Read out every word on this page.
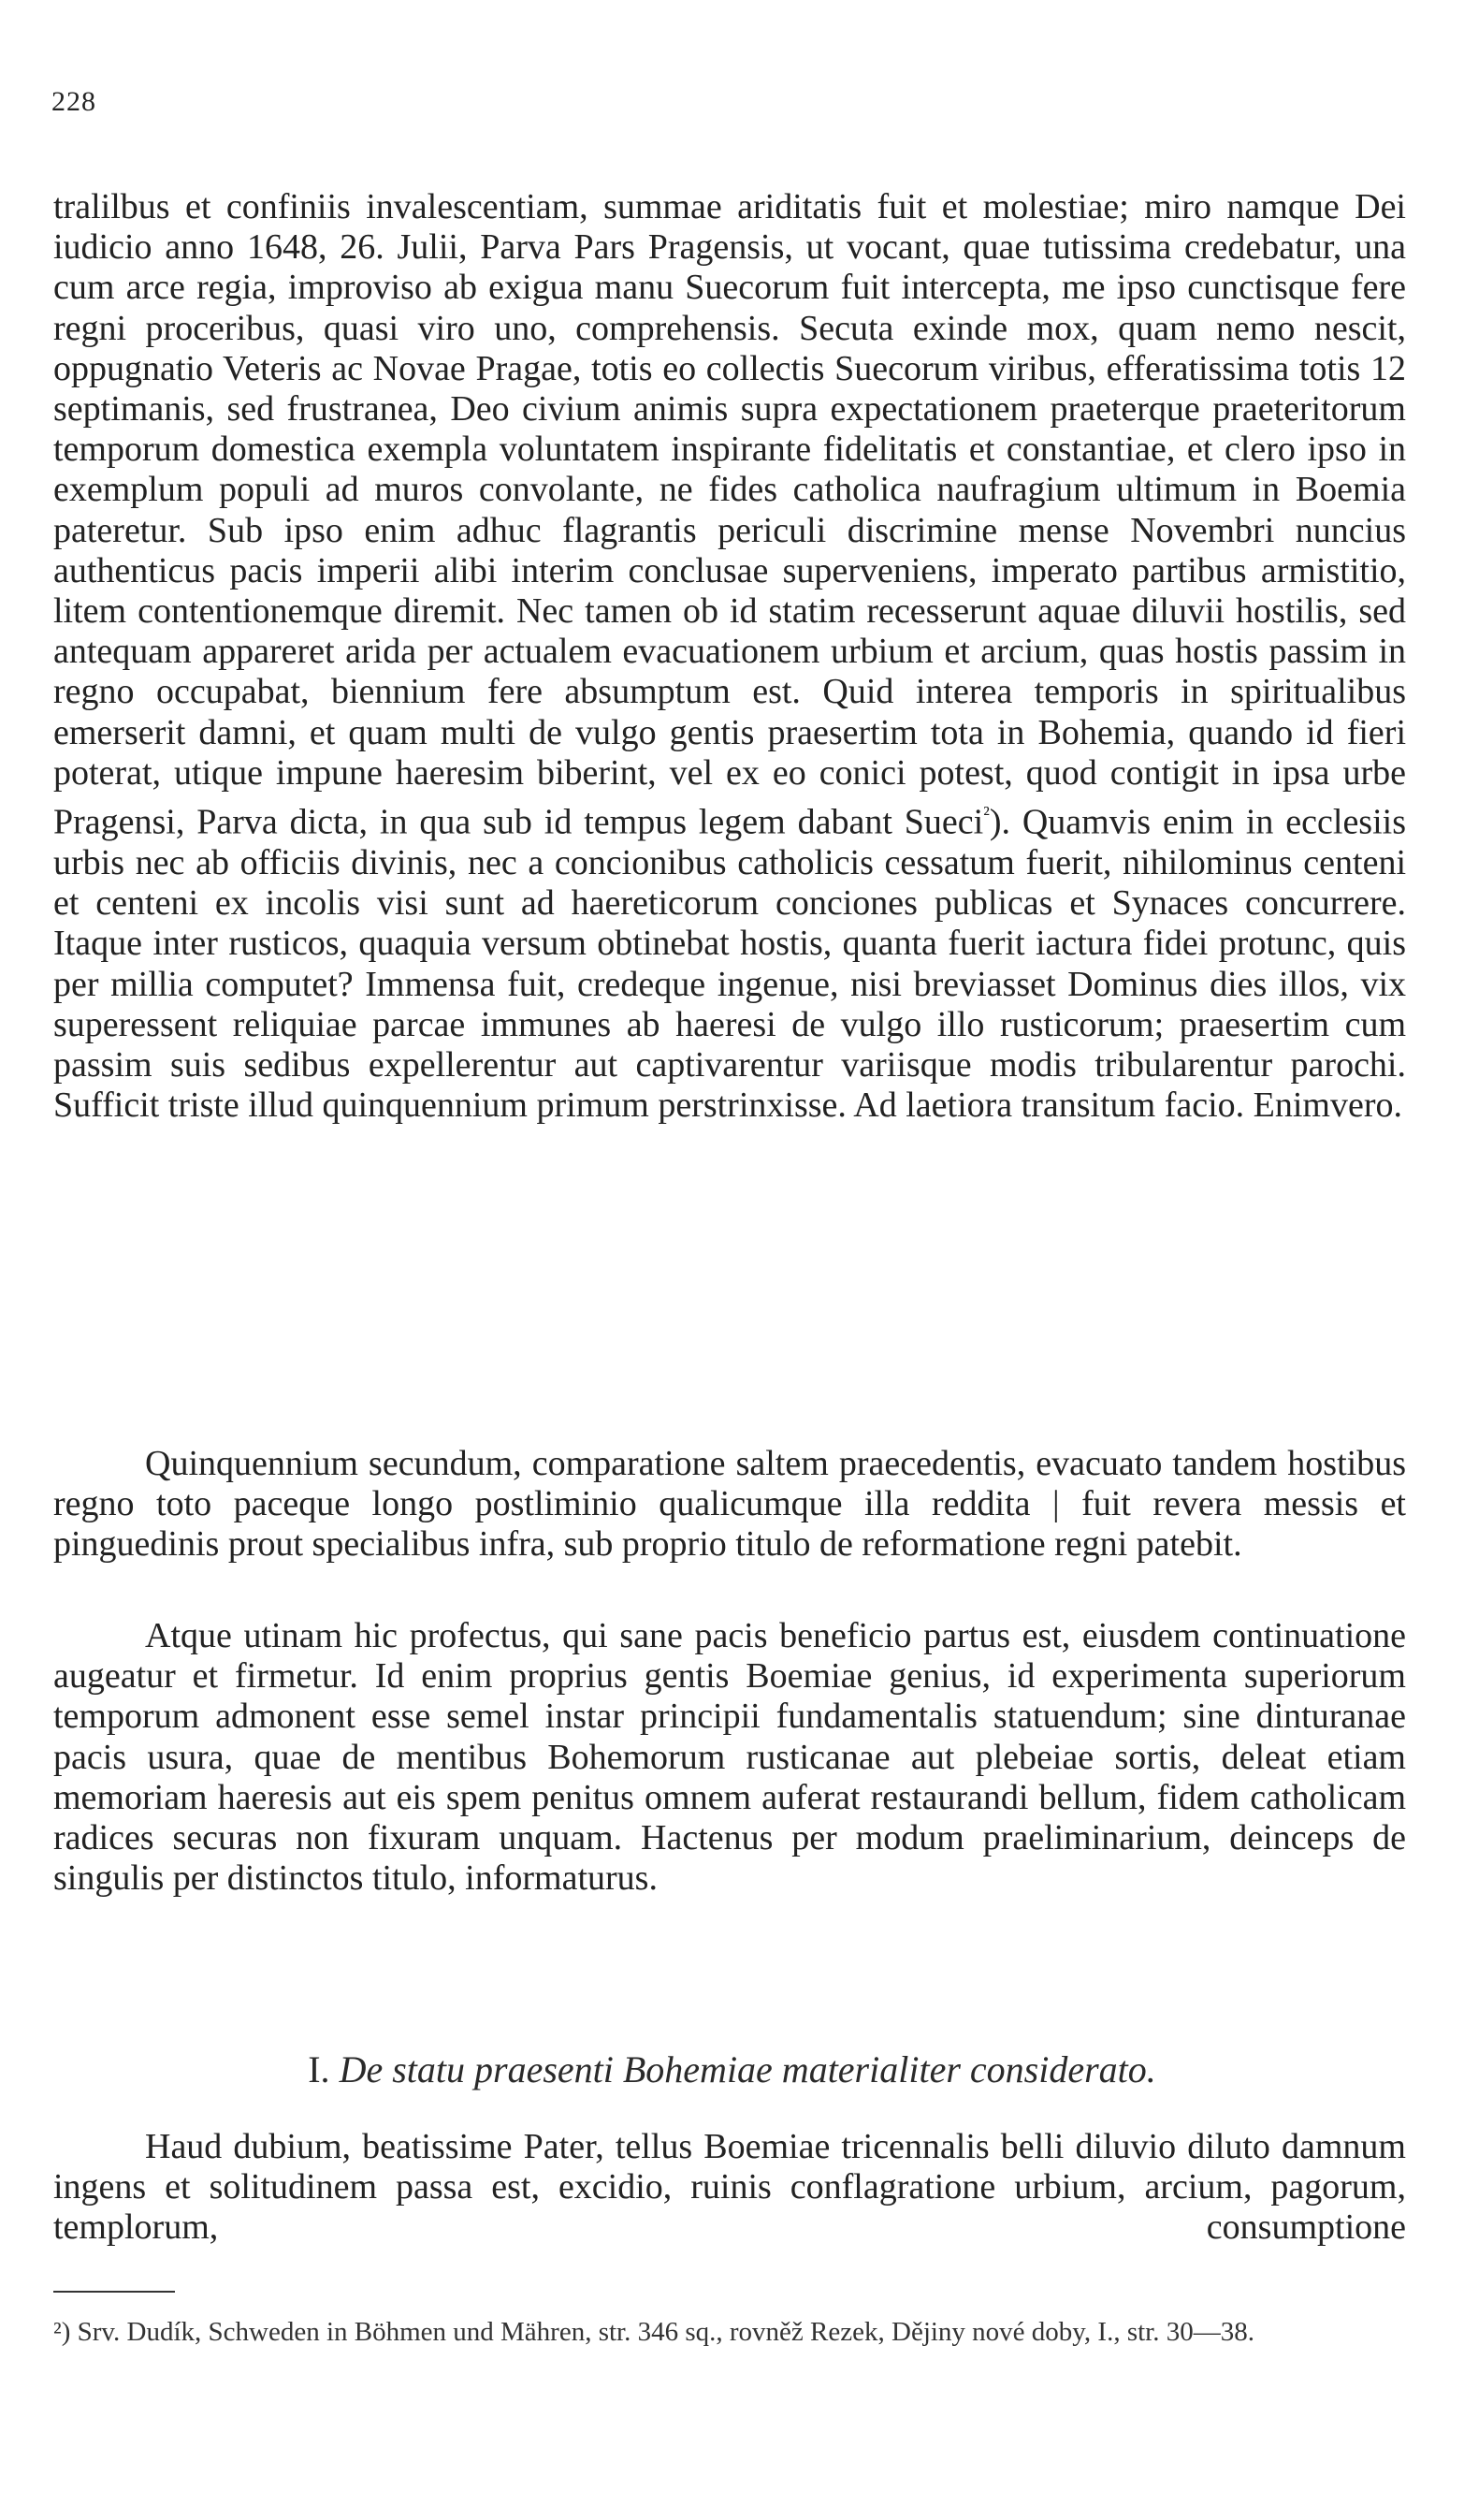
228

tralilbus et confiniis invalescentiam, summae ariditatis fuit et molestiae; miro namque Dei iudicio anno 1648, 26. Julii, Parva Pars Pragensis, ut vocant, quae tutissima credebatur, una cum arce regia, improviso ab exigua manu Suecorum fuit intercepta, me ipso cunctisque fere regni proceribus, quasi viro uno, comprehensis. Secuta exinde mox, quam nemo nescit, oppugnatio Veteris ac Novae Pragae, totis eo collectis Suecorum viribus, efferatissima totis 12 septimanis, sed frustranea, Deo civium animis supra expectationem praeterque praeteritorum temporum domestica exempla voluntatem inspirante fidelitatis et constantiae, et clero ipso in exemplum populi ad muros convolante, ne fides catholica naufragium ultimum in Boemia pateretur. Sub ipso enim adhuc flagrantis periculi discrimine mense Novembri nuncius authenticus pacis imperii alibi interim conclusae superveniens, imperato partibus armistitio, litem contentionemque diremit. Nec tamen ob id statim recesserunt aquae diluvii hostilis, sed antequam appareret arida per actualem evacuationem urbium et arcium, quas hostis passim in regno occupabat, biennium fere absumptum est. Quid interea temporis in spiritualibus emerserit damni, et quam multi de vulgo gentis praesertim tota in Bohemia, quando id fieri poterat, utique impune haeresim biberint, vel ex eo conici potest, quod contigit in ipsa urbe Pragensi, Parva dicta, in qua sub id tempus legem dabant Sueci$^{^2}$). Quamvis enim in ecclesiis urbis nec ab officiis divinis, nec a concionibus catholicis cessatum fuerit, nihilominus centeni et centeni ex incolis visi sunt ad haereticorum conciones publicas et Synaces concurrere. Itaque inter rusticos, quaquia versum obtinebat hostis, quanta fuerit iactura fidei protunc, quis per millia computet? Immensa fuit, credeque ingenue, nisi breviasset Dominus dies illos, vix superessent reliquiae parcae immunes ab haeresi de vulgo illo rusticorum; praesertim cum passim suis sedibus expellerentur aut captivarentur variisque modis tribularentur parochi. Sufficit triste illud quinquennium primum perstrinxisse. Ad laetiora transitum facio. Enimvero.

Quinquennium secundum, comparatione saltem praecedentis, evacuato tandem hostibus regno toto paceque longo postliminio qualicumque illa reddita | fuit revera messis et pinguedinis prout specialibus infra, sub proprio titulo de reformatione regni patebit.

Atque utinam hic profectus, qui sane pacis beneficio partus est, eiusdem continuatione augeatur et firmetur. Id enim proprius gentis Boemiae genius, id experimenta superiorum temporum admonent esse semel instar principii fundamentalis statuendum; sine dinturanae pacis usura, quae de mentibus Bohemorum rusticanae aut plebeiae sortis, deleat etiam memoriam haeresis aut eis spem penitus omnem auferat restaurandi bellum, fidem catholicam radices securas non fixuram unquam. Hactenus per modum praeliminarium, deinceps de singulis per distinctos titulo, informaturus.

I. De statu praesenti Bohemiae materialiter considerato.

Haud dubium, beatissime Pater, tellus Boemiae tricennalis belli diluvio diluto damnum ingens et solitudinem passa est, excidio, ruinis conflagratione urbium, arcium, pagorum, templorum, consumptione

²) Srv. Dudík, Schweden in Böhmen und Mähren, str. 346 sq., rovněž Rezek, Dějiny nové doby, I., str. 30—38.
